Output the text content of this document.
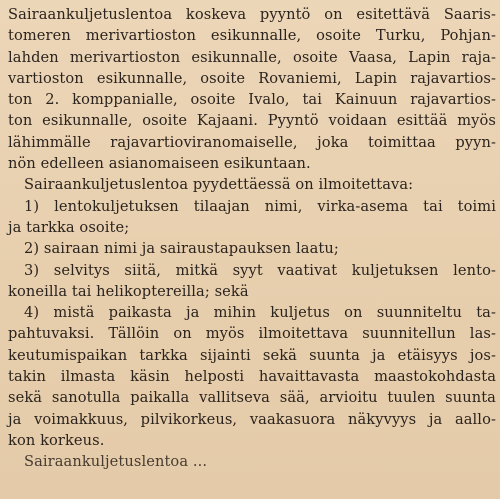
Sairaankuljetuslentoa koskeva pyyntö on esitettävä Saaris-
tomeren merivartioston esikunnalle, osoite Turku, Pohjan-
lahden merivartioston esikunnalle, osoite Vaasa, Lapin raja-
vartioston esikunnalle, osoite Rovaniemi, Lapin rajavartios-
ton 2. komppanialle, osoite Ivalo, tai Kainuun rajavartios-
ton esikunnalle, osoite Kajaani. Pyyntö voidaan esittää myös
lähimmälle rajavartioviranomaiselle, joka toimittaa pyyn-
nön edelleen asianomaiseen esikuntaan.
Sairaankuljetuslentoa pyydettäessä on ilmoitettava:
1) lentokuljetuksen tilaajan nimi, virka-asema tai toimi
ja tarkka osoite;
2) sairaan nimi ja sairaustapauksen laatu;
3) selvitys siitä, mitkä syyt vaativat kuljetuksen lento-
koneilla tai helikoptereilla; sekä
4) mistä paikasta ja mihin kuljetus on suunniteltu ta-
pahtuvaksi. Tällöin on myös ilmoitettava suunnitellun las-
keutumispaikan tarkka sijainti sekä suunta ja etäisyys jos-
takin ilmasta käsin helposti havaittavasta maastokohdasta
sekä sanotulla paikalla vallitseva sää, arvioitu tuulen suunta
ja voimakkuus, pilvikorkeus, vaakasuora näkyvyys ja aallo-
kon korkeus.
Sairaankuljetuslentoa ...
